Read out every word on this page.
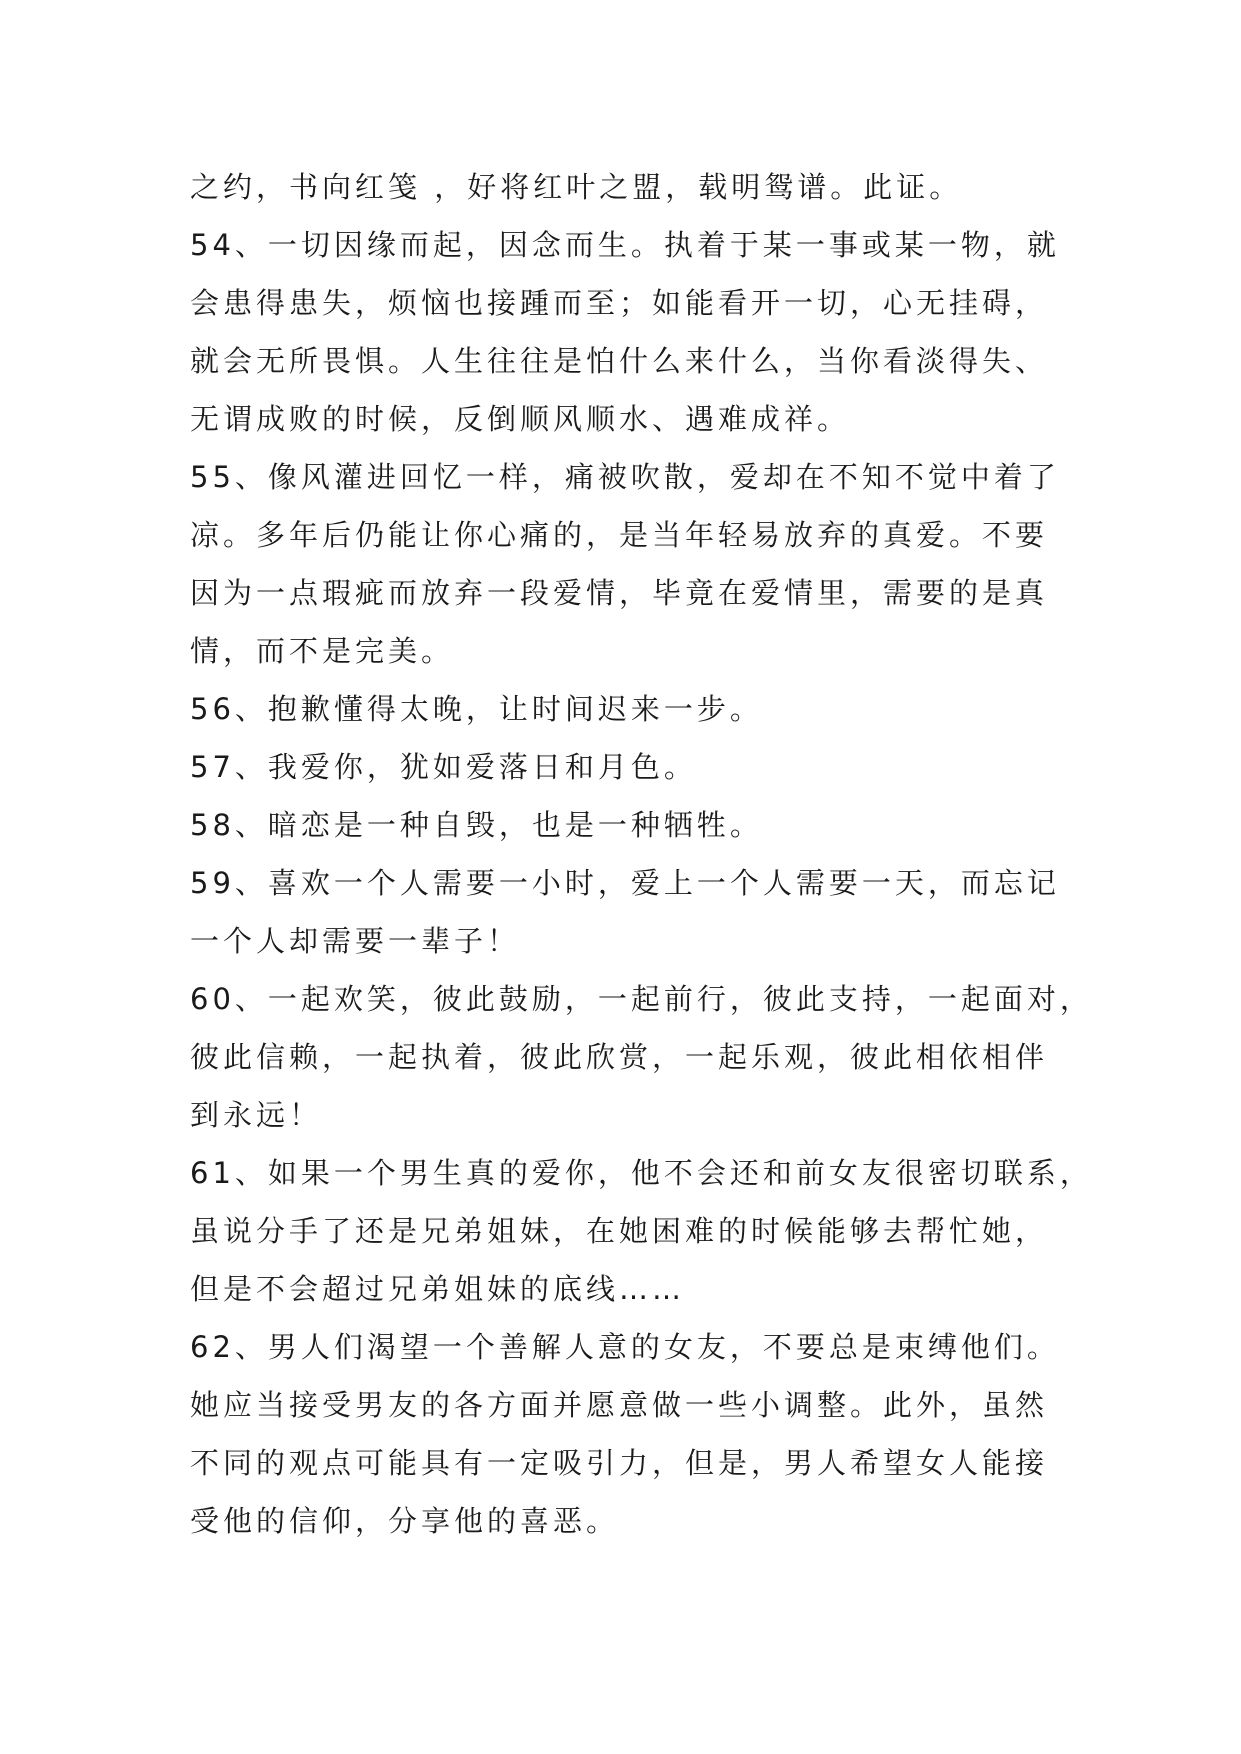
之约，书向红笺 ，好将红叶之盟，载明鸳谱。此证。
54、一切因缘而起，因念而生。执着于某一事或某一物，就
会患得患失，烦恼也接踵而至；如能看开一切，心无挂碍，
就会无所畏惧。人生往往是怕什么来什么，当你看淡得失、
无谓成败的时候，反倒顺风顺水、遇难成祥。
55、像风灌进回忆一样，痛被吹散，爱却在不知不觉中着了
凉。多年后仍能让你心痛的，是当年轻易放弃的真爱。不要
因为一点瑕疵而放弃一段爱情，毕竟在爱情里，需要的是真
情，而不是完美。
56、抱歉懂得太晚，让时间迟来一步。
57、我爱你，犹如爱落日和月色。
58、暗恋是一种自毁，也是一种牺牲。
59、喜欢一个人需要一小时，爱上一个人需要一天，而忘记
一个人却需要一辈子！
60、一起欢笑，彼此鼓励，一起前行，彼此支持，一起面对，
彼此信赖，一起执着，彼此欣赏，一起乐观，彼此相依相伴
到永远！
61、如果一个男生真的爱你，他不会还和前女友很密切联系，
虽说分手了还是兄弟姐妹，在她困难的时候能够去帮忙她，
但是不会超过兄弟姐妹的底线……
62、男人们渴望一个善解人意的女友，不要总是束缚他们。
她应当接受男友的各方面并愿意做一些小调整。此外，虽然
不同的观点可能具有一定吸引力，但是，男人希望女人能接
受他的信仰，分享他的喜恶。
